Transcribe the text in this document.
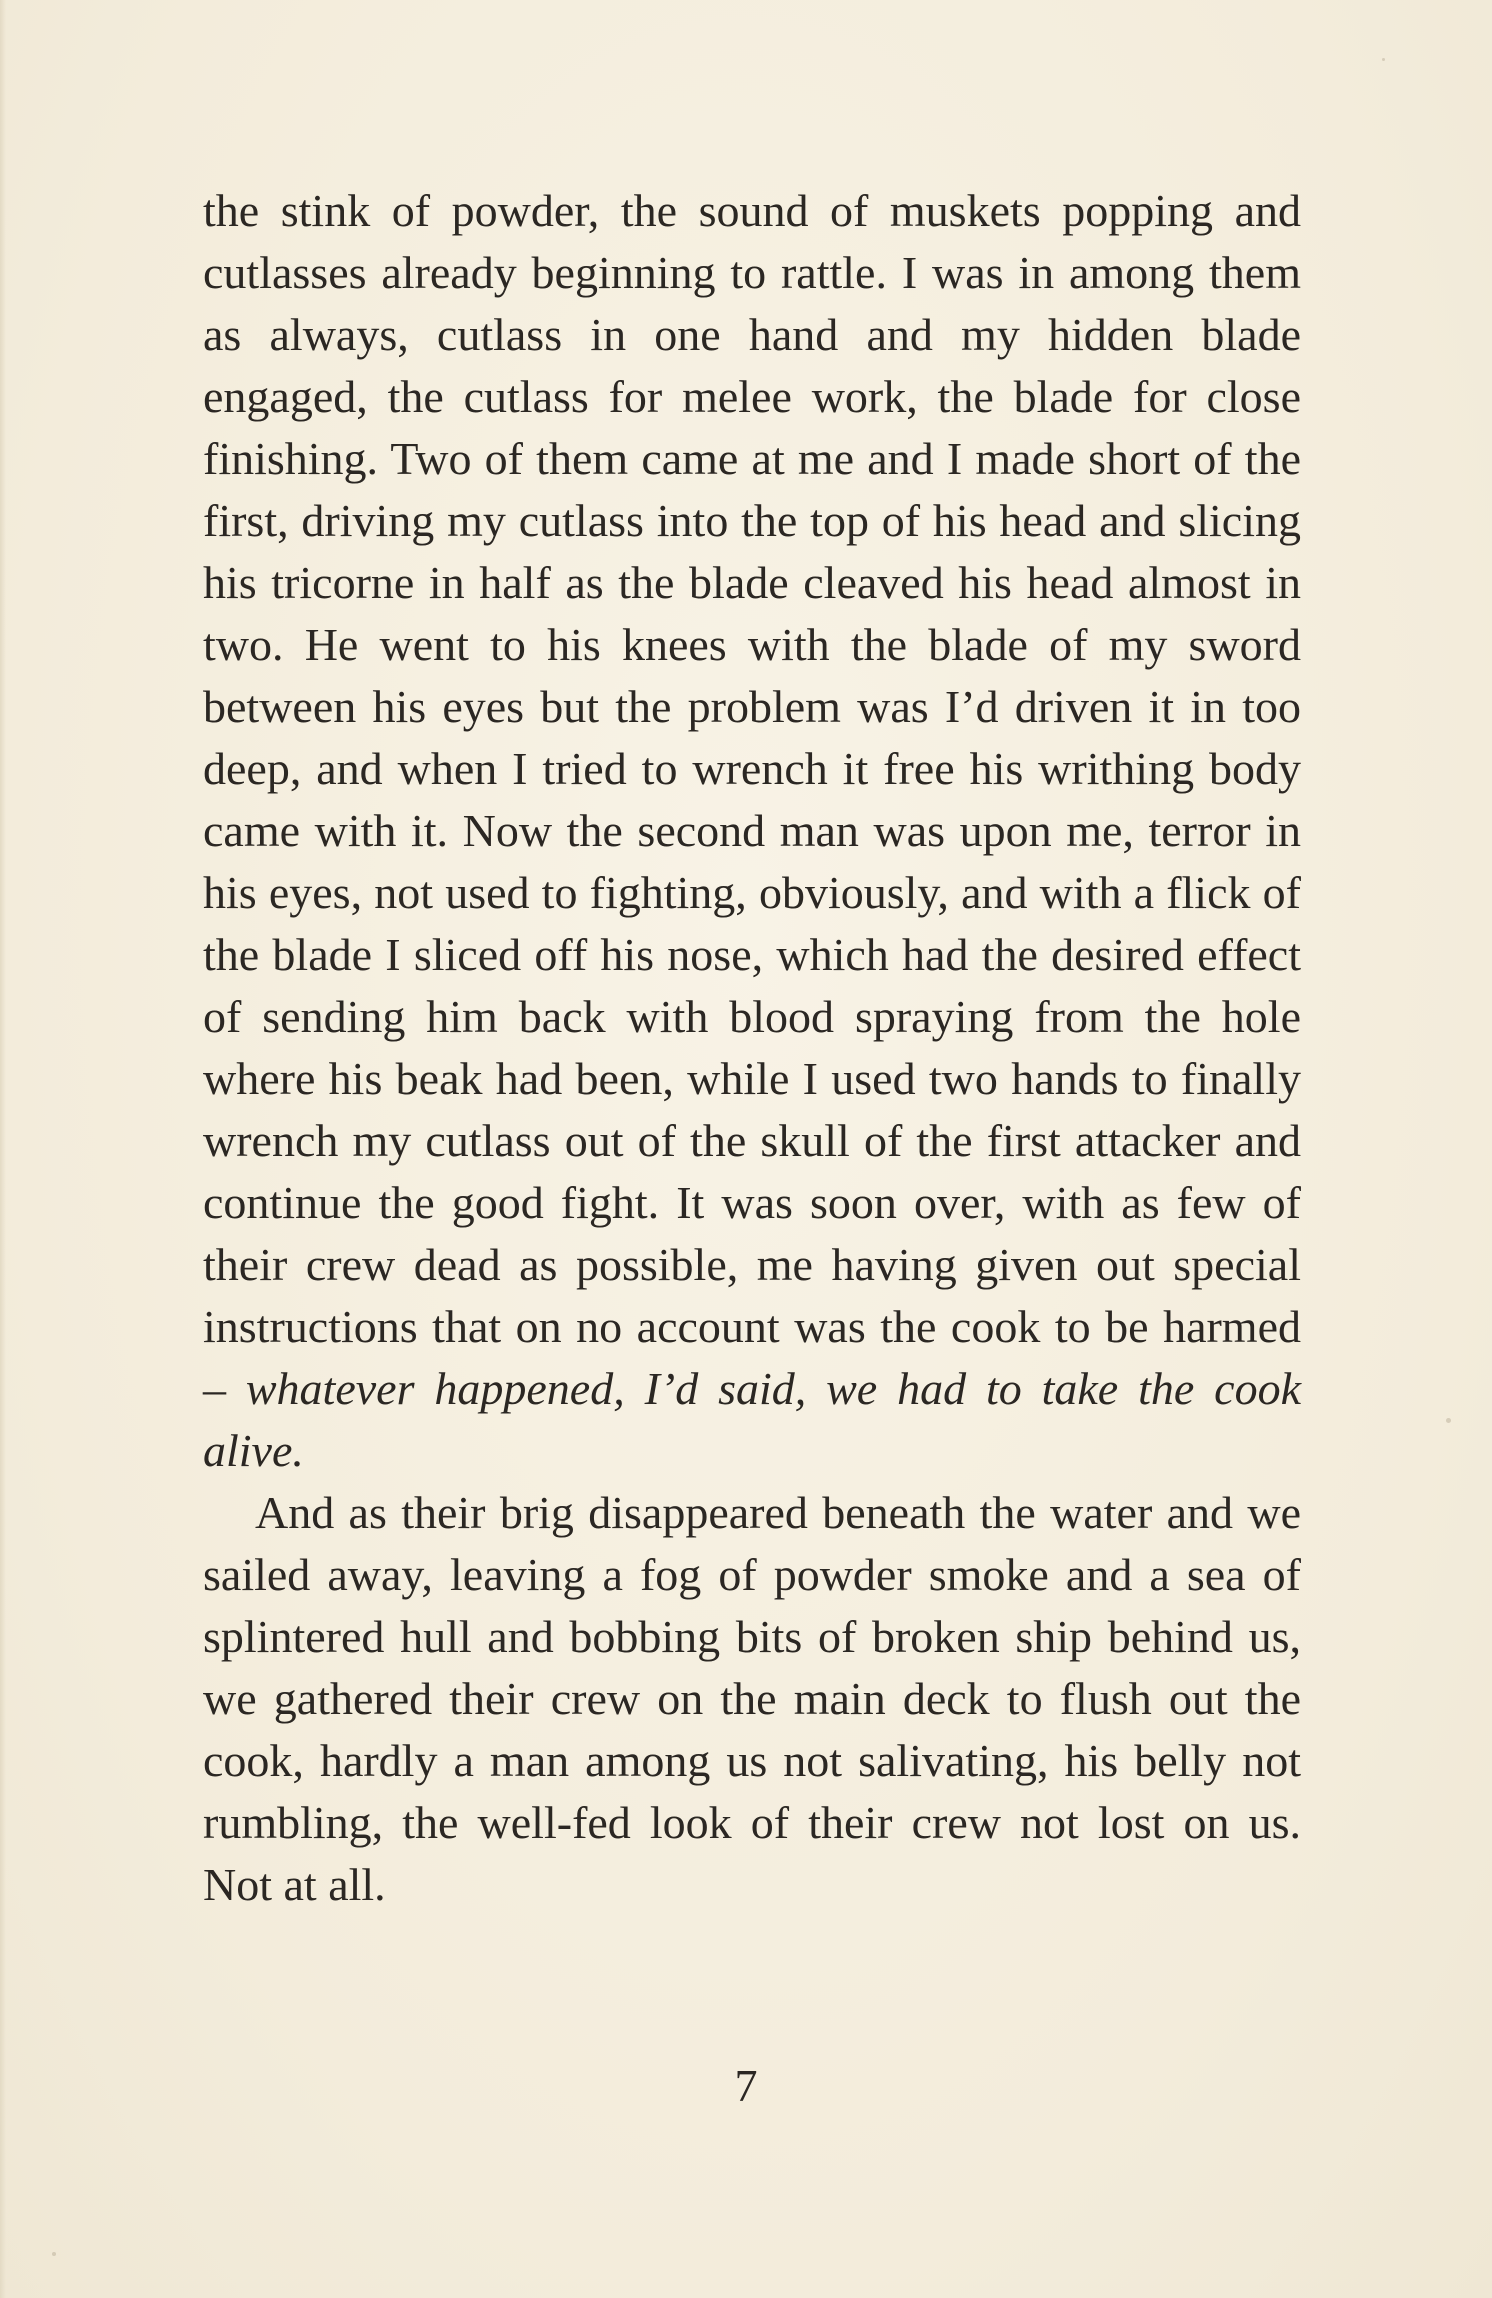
the stink of powder, the sound of muskets popping and cutlasses already beginning to rattle. I was in among them as always, cutlass in one hand and my hidden blade engaged, the cutlass for melee work, the blade for close finishing. Two of them came at me and I made short of the first, driving my cutlass into the top of his head and slicing his tricorne in half as the blade cleaved his head almost in two. He went to his knees with the blade of my sword between his eyes but the problem was I’d driven it in too deep, and when I tried to wrench it free his writhing body came with it. Now the second man was upon me, terror in his eyes, not used to fighting, obviously, and with a flick of the blade I sliced off his nose, which had the desired effect of sending him back with blood spraying from the hole where his beak had been, while I used two hands to finally wrench my cutlass out of the skull of the first attacker and continue the good fight. It was soon over, with as few of their crew dead as possible, me having given out special instructions that on no account was the cook to be harmed – whatever happened, I’d said, we had to take the cook alive.

And as their brig disappeared beneath the water and we sailed away, leaving a fog of powder smoke and a sea of splintered hull and bobbing bits of broken ship behind us, we gathered their crew on the main deck to flush out the cook, hardly a man among us not salivating, his belly not rumbling, the well-fed look of their crew not lost on us. Not at all.

7
